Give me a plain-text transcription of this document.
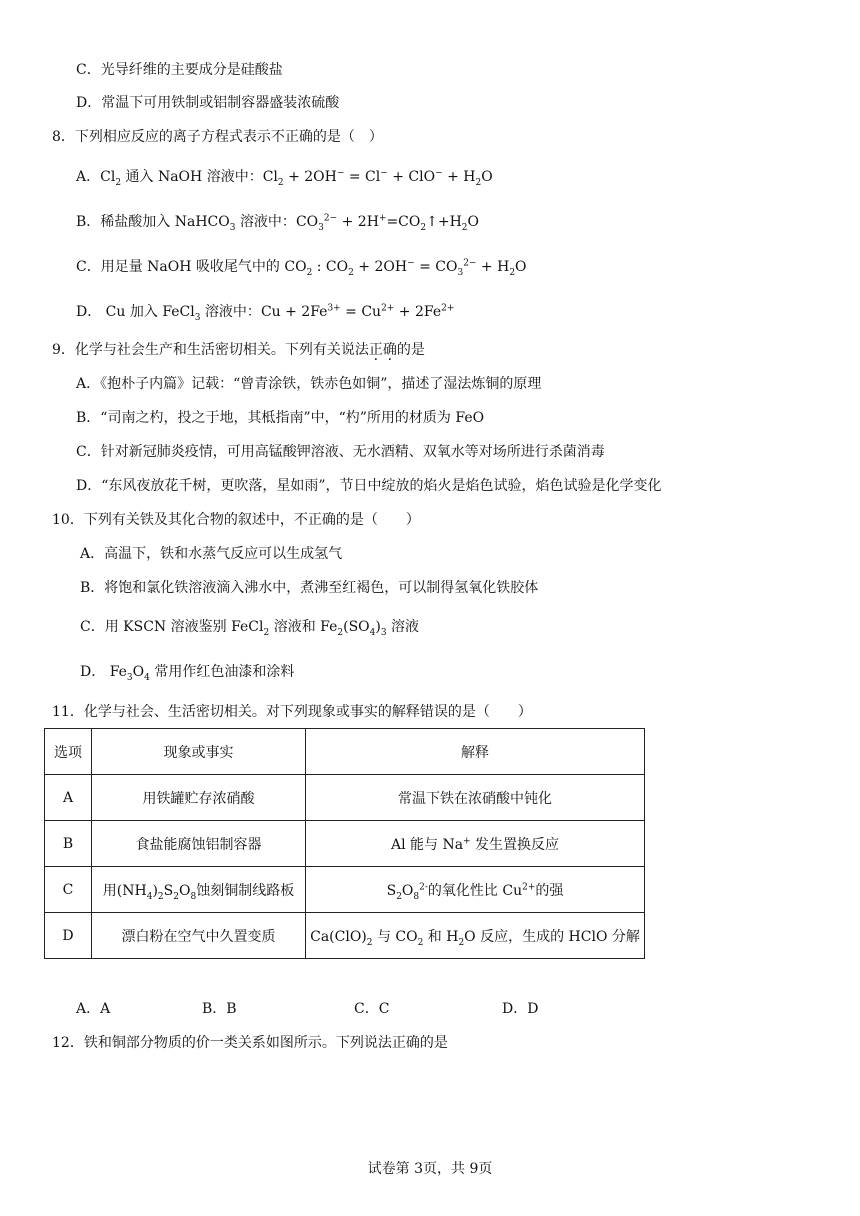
C．光导纤维的主要成分是硅酸盐
D．常温下可用铁制或铝制容器盛装浓硫酸
8．下列相应反应的离子方程式表示不正确的是（　）
A．$Cl_2$ 通入 NaOH 溶液中：$Cl_2 + 2OH^- = Cl^- + ClO^- + H_2O$
B．稀盐酸加入 NaHCO$_3$ 溶液中：$CO_3^{2-}$ + $2H^+=CO_2↑+H_2O$
C．用足量 NaOH 吸收尾气中的 $CO_2$ : $CO_2 + 2OH^- = CO_3^{2-} + H_2O$
D． Cu 加入 FeCl$_3$ 溶液中：$Cu + 2Fe^{3+} = Cu^{2+} + 2Fe^{2+}$
9．化学与社会生产和生活密切相关。下列有关说法正确的是
A．《抱朴子内篇》记载：“曾青涂铁，铁赤色如铜”，描述了湿法炼铜的原理
B．“司南之杓，投之于地，其柢指南”中，“杓”所用的材质为 FeO
C．针对新冠肺炎疫情，可用高锰酸钾溶液、无水酒精、双氧水等对场所进行杀菌消毒
D．“东风夜放花千树，更吹落，星如雨”，节日中绽放的焰火是焰色试验，焰色试验是化学变化
10．下列有关铁及其化合物的叙述中，不正确的是（　　）
A．高温下，铁和水蒸气反应可以生成氢气
B．将饱和氯化铁溶液滴入沸水中，煮沸至红褐色，可以制得氢氧化铁胶体
C．用 KSCN 溶液鉴别 FeCl$_2$ 溶液和 $Fe_2(SO_4)_3$ 溶液
D． $Fe_3O_4$ 常用作红色油漆和涂料
11．化学与社会、生活密切相关。对下列现象或事实的解释错误的是（　　）
选项	现象或事实	解释
A	用铁罐贮存浓硝酸	常温下铁在浓硝酸中钝化
B	食盐能腐蚀铝制容器	Al 能与 Na+ 发生置换反应
C	用$(NH_4)_2S_2O_8$蚀刻铜制线路板	$S_2O_8^{2-}$的氧化性比 $Cu^{2+}$的强
D	漂白粉在空气中久置变质	$Ca(ClO)_2$ 与 $CO_2$ 和 $H_2O$ 反应，生成的 HClO 分解
A．A	B．B	C．C	D．D
12．铁和铜部分物质的价一类关系如图所示。下列说法正确的是
试卷第 3页，共 9页
